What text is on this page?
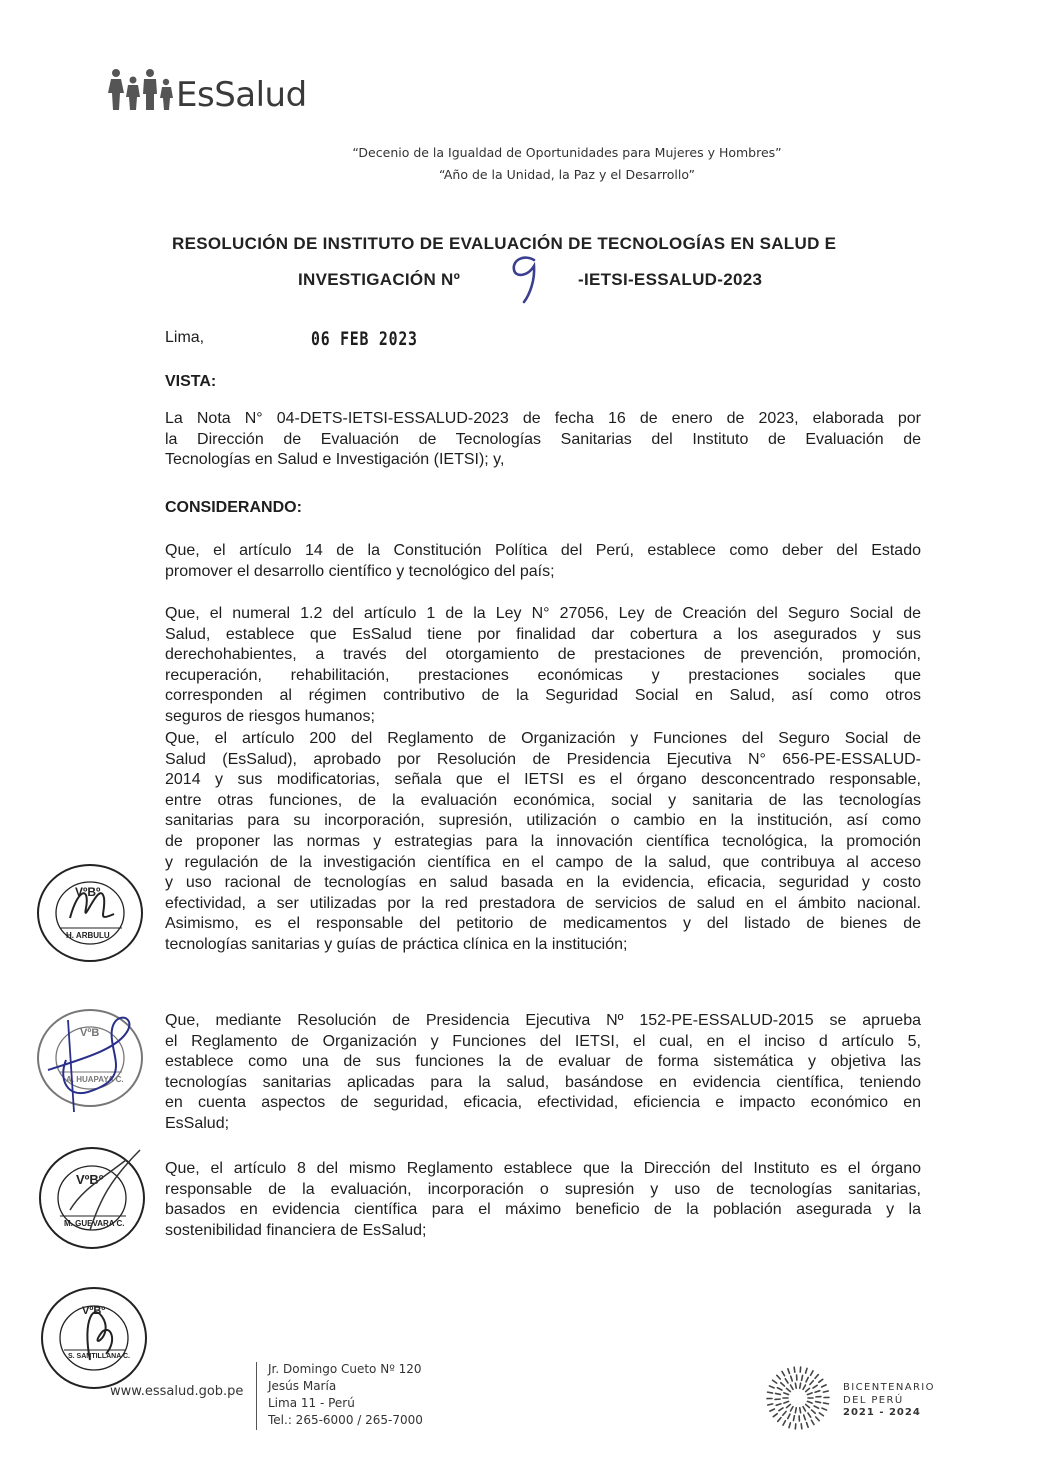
EsSalud
“Decenio de la Igualdad de Oportunidades para Mujeres y Hombres”
“Año de la Unidad, la Paz y el Desarrollo”
RESOLUCIÓN DE INSTITUTO DE EVALUACIÓN DE TECNOLOGÍAS EN SALUD E
INVESTIGACIÓN Nº	-IETSI-ESSALUD-2023
Lima,	06 FEB 2023
VISTA:
La Nota N° 04-DETS-IETSI-ESSALUD-2023 de fecha 16 de enero de 2023, elaborada por
la Dirección de Evaluación de Tecnologías Sanitarias del Instituto de Evaluación de
Tecnologías en Salud e Investigación (IETSI); y,
CONSIDERANDO:
Que, el artículo 14 de la Constitución Política del Perú, establece como deber del Estado
promover el desarrollo científico y tecnológico del país;
Que, el numeral 1.2 del artículo 1 de la Ley N° 27056, Ley de Creación del Seguro Social de
Salud, establece que EsSalud tiene por finalidad dar cobertura a los asegurados y sus
derechohabientes, a través del otorgamiento de prestaciones de prevención, promoción,
recuperación, rehabilitación, prestaciones económicas y prestaciones sociales que
corresponden al régimen contributivo de la Seguridad Social en Salud, así como otros
seguros de riesgos humanos;
Que, el artículo 200 del Reglamento de Organización y Funciones del Seguro Social de
Salud (EsSalud), aprobado por Resolución de Presidencia Ejecutiva N° 656-PE-ESSALUD-
2014 y sus modificatorias, señala que el IETSI es el órgano desconcentrado responsable,
entre otras funciones, de la evaluación económica, social y sanitaria de las tecnologías
sanitarias para su incorporación, supresión, utilización o cambio en la institución, así como
de proponer las normas y estrategias para la innovación científica tecnológica, la promoción
y regulación de la investigación científica en el campo de la salud, que contribuya al acceso
y uso racional de tecnologías en salud basada en la evidencia, eficacia, seguridad y costo
efectividad, a ser utilizadas por la red prestadora de servicios de salud en el ámbito nacional.
Asimismo, es el responsable del petitorio de medicamentos y del listado de bienes de
tecnologías sanitarias y guías de práctica clínica en la institución;
Que, mediante Resolución de Presidencia Ejecutiva Nº 152-PE-ESSALUD-2015 se aprueba
el Reglamento de Organización y Funciones del IETSI, el cual, en el inciso d artículo 5,
establece como una de sus funciones la de evaluar de forma sistemática y objetiva las
tecnologías sanitarias aplicadas para la salud, basándose en evidencia científica, teniendo
en cuenta aspectos de seguridad, eficacia, efectividad, eficiencia e impacto económico en
EsSalud;
Que, el artículo 8 del mismo Reglamento establece que la Dirección del Instituto es el órgano
responsable de la evaluación, incorporación o supresión y uso de tecnologías sanitarias,
basados en evidencia científica para el máximo beneficio de la población asegurada y la
sostenibilidad financiera de EsSalud;
VºBº
H. ARBULU
VºB
A. HUAPAYA C.
VºBº
M. GUEVARA C.
VºBº
S. SANTILLANA C.
www.essalud.gob.pe
Jr. Domingo Cueto Nº 120
Jesús María
Lima 11 - Perú
Tel.: 265-6000 / 265-7000
BICENTENARIO
DEL PERÚ
2021 - 2024
